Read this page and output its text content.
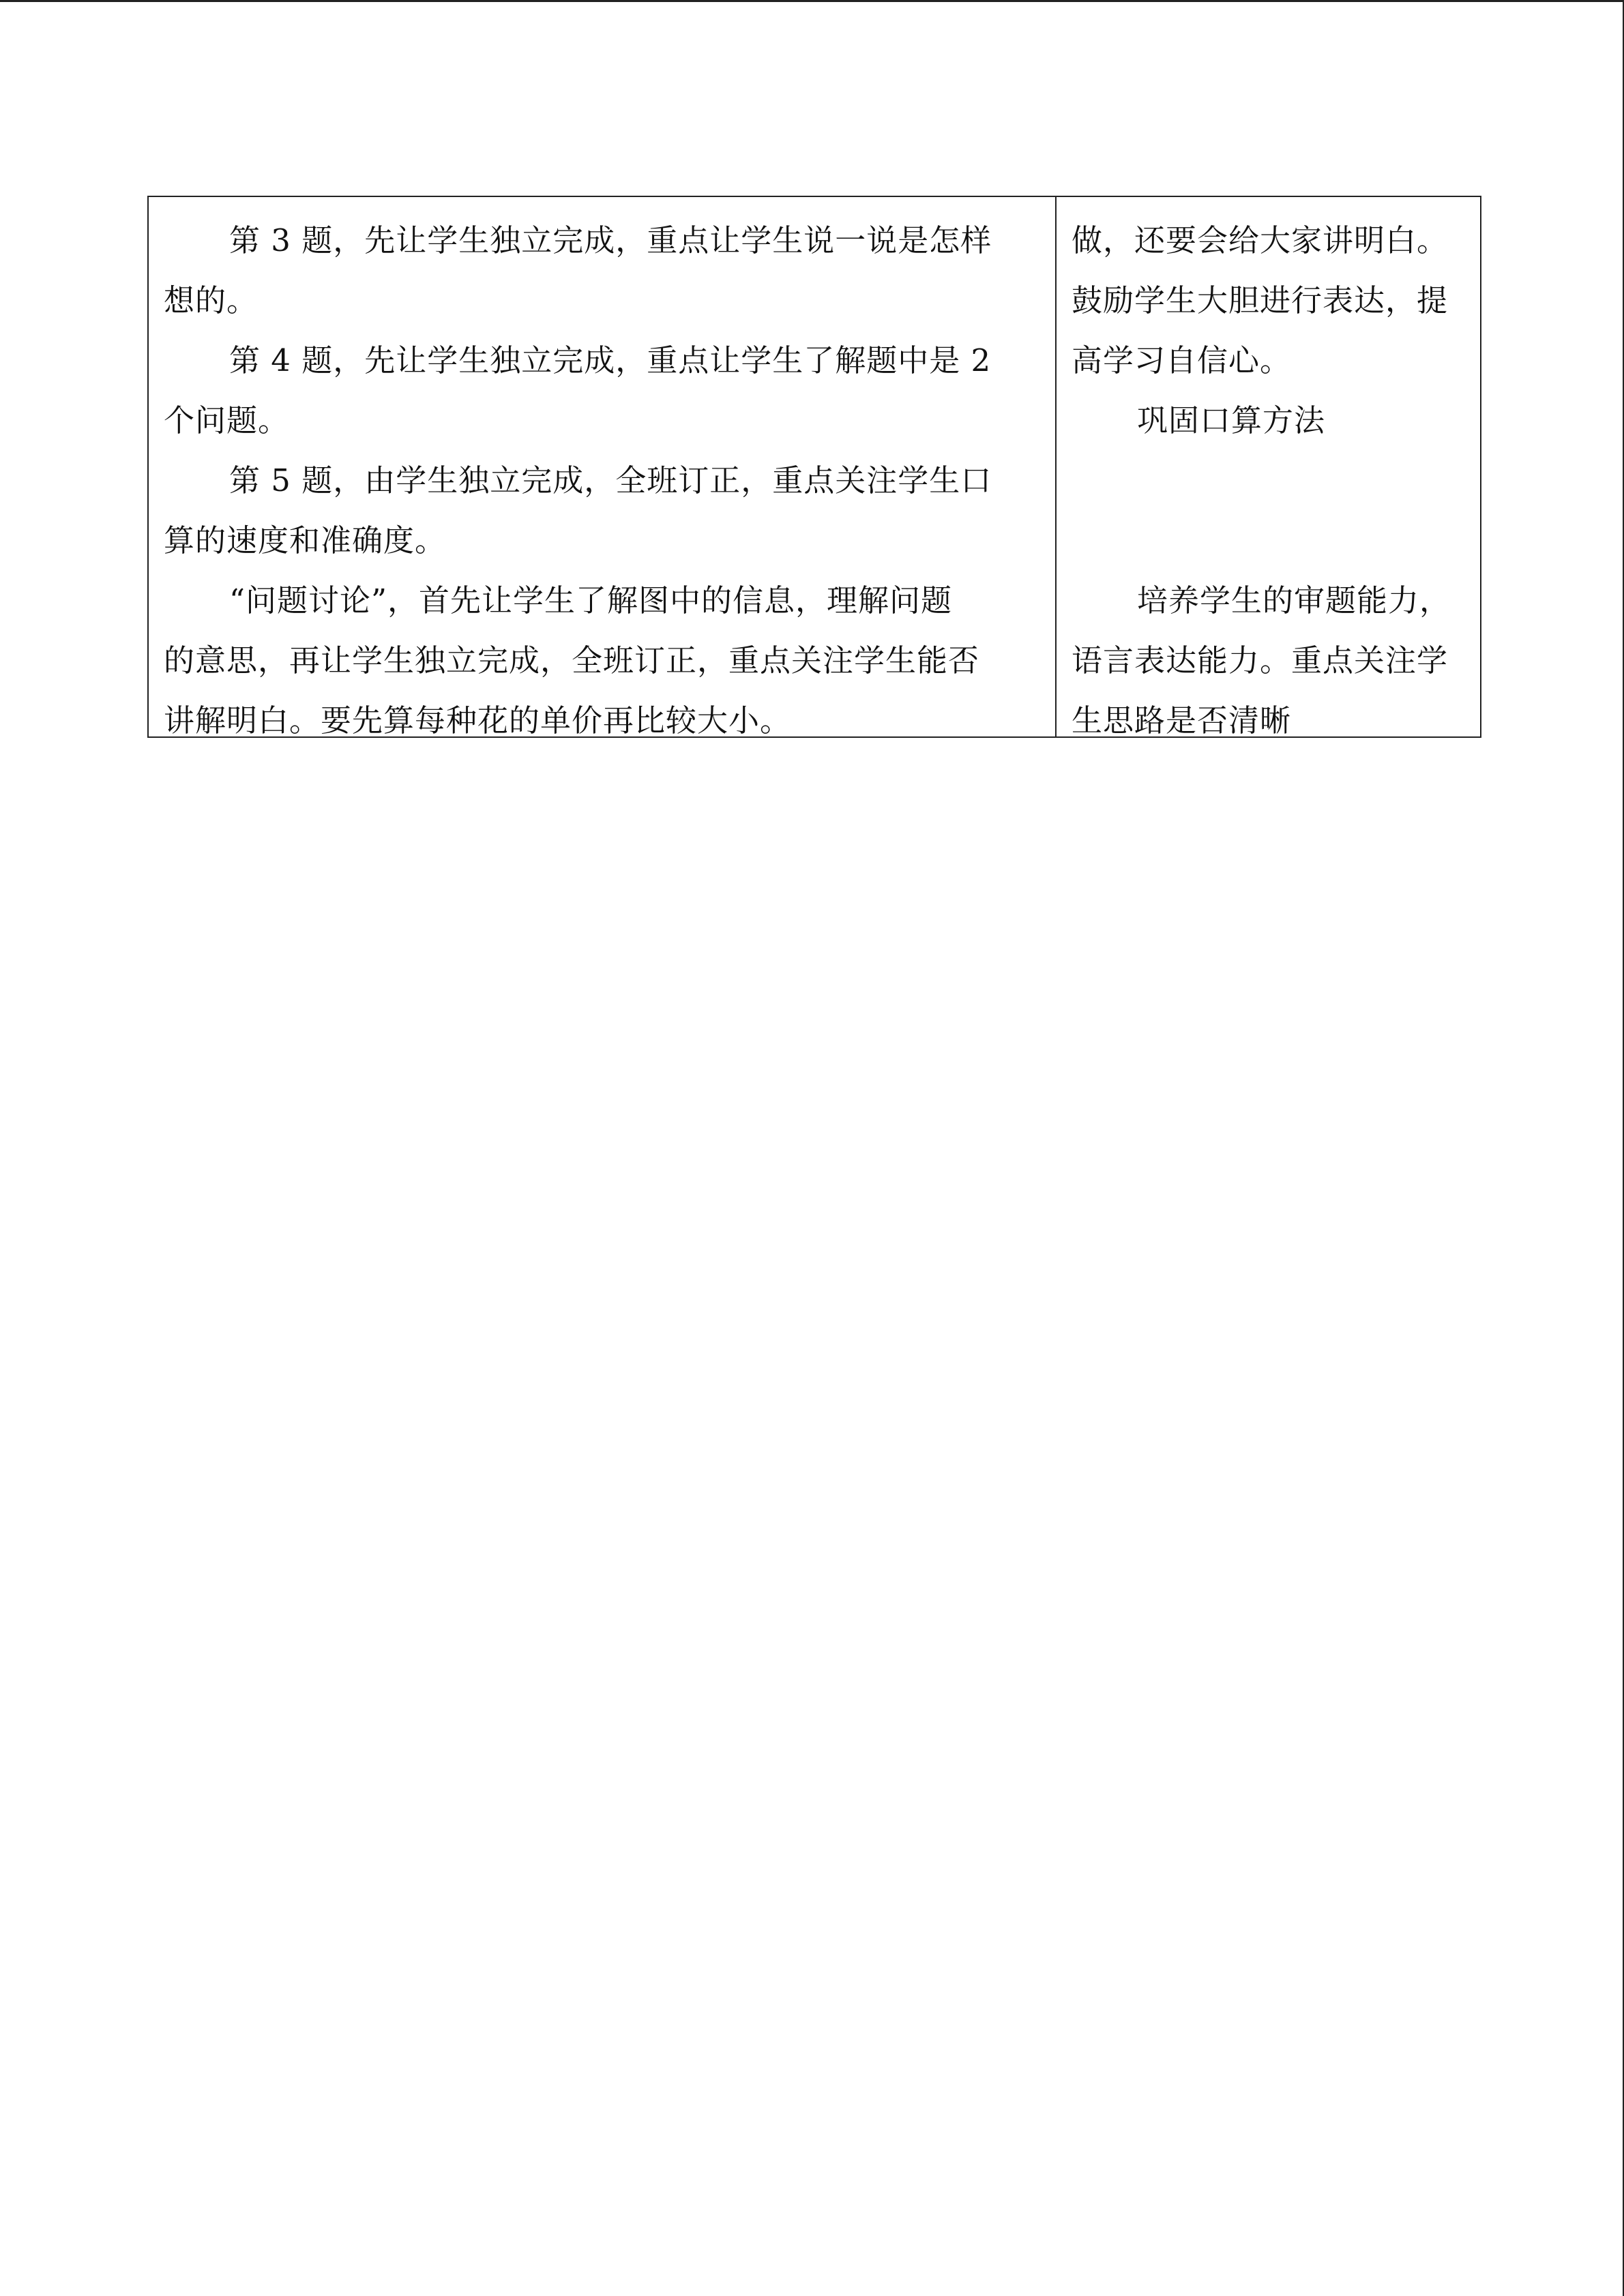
第 3 题，先让学生独立完成，重点让学生说一说是怎样

想的。

第 4 题，先让学生独立完成，重点让学生了解题中是 2

个问题。

第 5 题，由学生独立完成，全班订正，重点关注学生口

算的速度和准确度。

“问题讨论”，首先让学生了解图中的信息，理解问题

的意思，再让学生独立完成，全班订正，重点关注学生能否

讲解明白。要先算每种花的单价再比较大小。

做，还要会给大家讲明白。

鼓励学生大胆进行表达，提

高学习自信心。

巩固口算方法

培养学生的审题能力，

语言表达能力。重点关注学

生思路是否清晰
